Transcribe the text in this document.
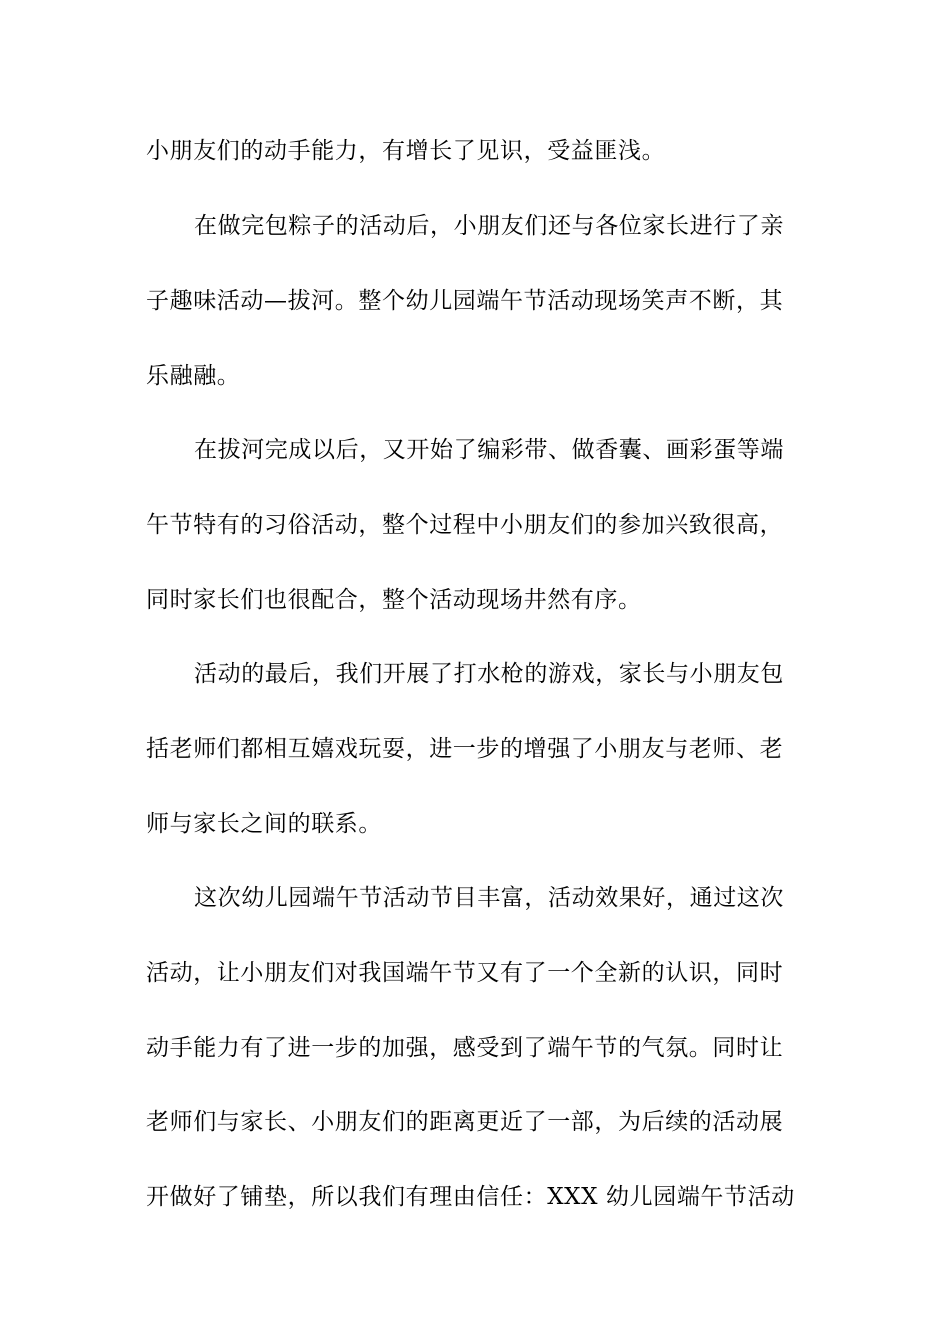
小朋友们的动手能力，有增长了见识，受益匪浅。
在做完包粽子的活动后，小朋友们还与各位家长进行了亲
子趣味活动—拔河。整个幼儿园端午节活动现场笑声不断，其
乐融融。
在拔河完成以后，又开始了编彩带、做香囊、画彩蛋等端
午节特有的习俗活动，整个过程中小朋友们的参加兴致很高，
同时家长们也很配合，整个活动现场井然有序。
活动的最后，我们开展了打水枪的游戏，家长与小朋友包
括老师们都相互嬉戏玩耍，进一步的增强了小朋友与老师、老
师与家长之间的联系。
这次幼儿园端午节活动节目丰富，活动效果好，通过这次
活动，让小朋友们对我国端午节又有了一个全新的认识，同时
动手能力有了进一步的加强，感受到了端午节的气氛。同时让
老师们与家长、小朋友们的距离更近了一部，为后续的活动展
开做好了铺垫，所以我们有理由信任：XXX 幼儿园端午节活动
